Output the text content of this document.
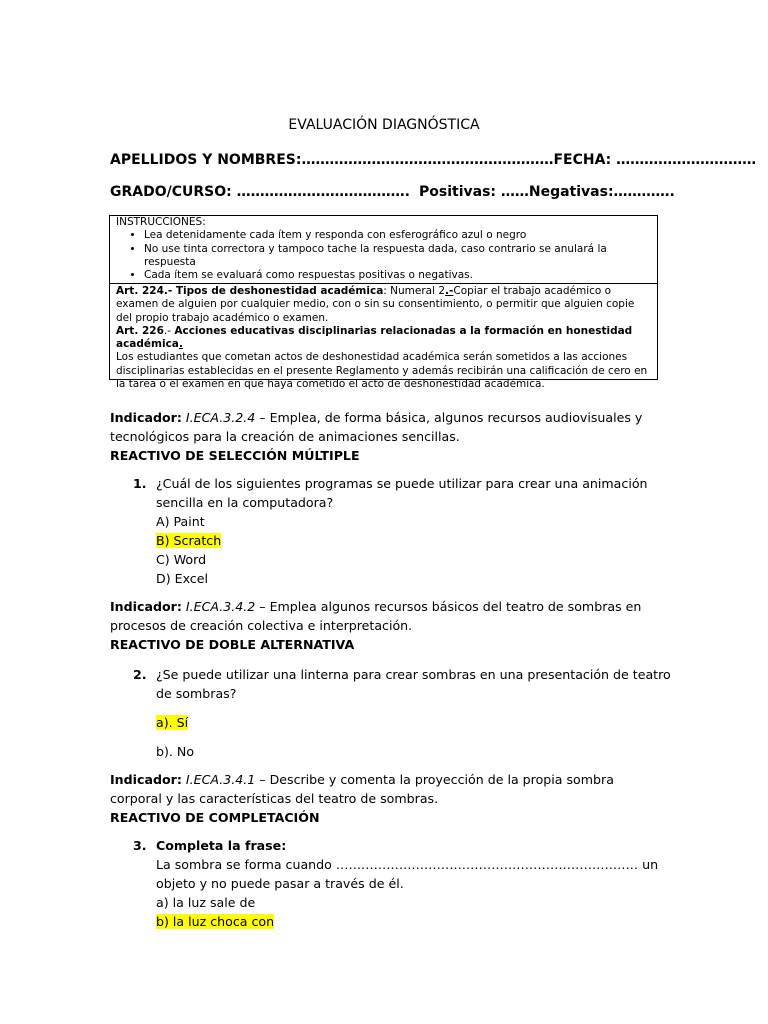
EVALUACIÓN DIAGNÓSTICA
APELLIDOS Y NOMBRES:………………………………………………FECHA: …………………………
GRADO/CURSO: ………………………………. Positivas: ……Negativas:………….
INSTRUCCIONES:
• Lea detenidamente cada ítem y responda con esferográfico azul o negro
• No use tinta correctora y tampoco tache la respuesta dada, caso contrario se anulará la respuesta
• Cada ítem se evaluará como respuestas positivas o negativas.
Art. 224.- Tipos de deshonestidad académica: Numeral 2.-Copiar el trabajo académico o examen de alguien por cualquier medio, con o sin su consentimiento, o permitir que alguien copie del propio trabajo académico o examen.
Art. 226.- Acciones educativas disciplinarias relacionadas a la formación en honestidad académica.
Los estudiantes que cometan actos de deshonestidad académica serán sometidos a las acciones disciplinarias establecidas en el presente Reglamento y además recibirán una calificación de cero en la tarea o el examen en que haya cometido el acto de deshonestidad académica.
Indicador: I.ECA.3.2.4 – Emplea, de forma básica, algunos recursos audiovisuales y tecnológicos para la creación de animaciones sencillas.
REACTIVO DE SELECCIÓN MÚLTIPLE
1. ¿Cuál de los siguientes programas se puede utilizar para crear una animación sencilla en la computadora?
A) Paint
B) Scratch
C) Word
D) Excel
Indicador: I.ECA.3.4.2 – Emplea algunos recursos básicos del teatro de sombras en procesos de creación colectiva e interpretación.
REACTIVO DE DOBLE ALTERNATIVA
2. ¿Se puede utilizar una linterna para crear sombras en una presentación de teatro de sombras?
a). Sí
b). No
Indicador: I.ECA.3.4.1 – Describe y comenta la proyección de la propia sombra corporal y las características del teatro de sombras.
REACTIVO DE COMPLETACIÓN
3. Completa la frase:
La sombra se forma cuando ……………………………………………………………… un objeto y no puede pasar a través de él.
a) la luz sale de
b) la luz choca con
